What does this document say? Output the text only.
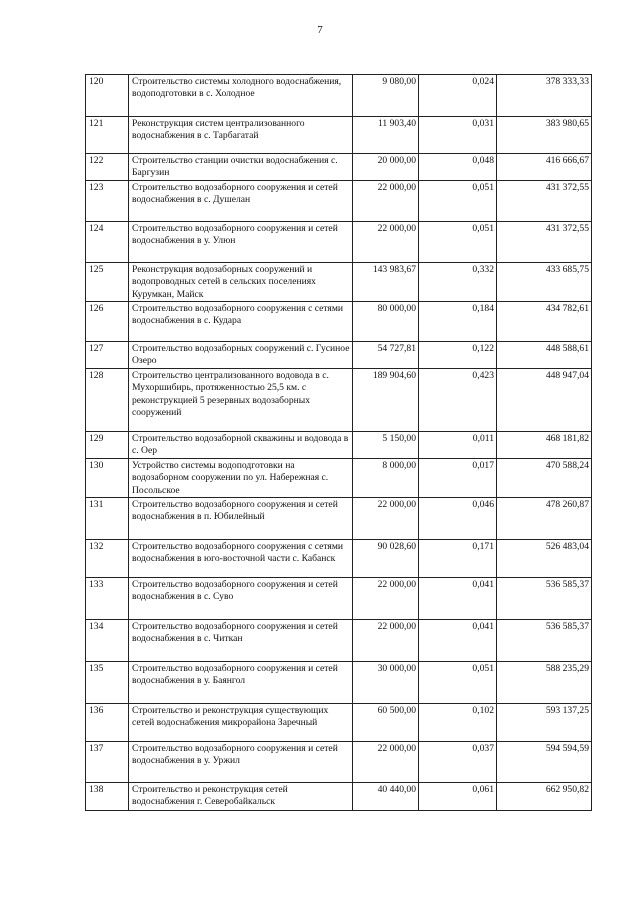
7
120	Строительство системы холодного водоснабжения, водоподготовки в с. Холодное	9 080,00	0,024	378 333,33
121	Реконструкция систем централизованного водоснабжения в с. Тарбагатай	11 903,40	0,031	383 980,65
122	Строительство станции очистки водоснабжения с. Баргузин	20 000,00	0,048	416 666,67
123	Строительство водозаборного сооружения и сетей водоснабжения в с. Душелан	22 000,00	0,051	431 372,55
124	Строительство водозаборного сооружения и сетей водоснабжения в у. Улюн	22 000,00	0,051	431 372,55
125	Реконструкция водозаборных сооружений и водопроводных сетей в сельских поселениях Курумкан, Майск	143 983,67	0,332	433 685,75
126	Строительство водозаборного сооружения с сетями водоснабжения в с. Кудара	80 000,00	0,184	434 782,61
127	Строительство водозаборных сооружений с. Гусиное Озеро	54 727,81	0,122	448 588,61
128	Строительство централизованного водовода в с. Мухоршибирь, протяженностью 25,5 км. с реконструкцией 5 резервных водозаборных сооружений	189 904,60	0,423	448 947,04
129	Строительство водозаборной скважины и водовода в с. Оер	5 150,00	0,011	468 181,82
130	Устройство системы водоподготовки на водозаборном сооружении по ул. Набережная с. Посольское	8 000,00	0,017	470 588,24
131	Строительство водозаборного сооружения и сетей водоснабжения в п. Юбилейный	22 000,00	0,046	478 260,87
132	Строительство водозаборного сооружения с сетями водоснабжения в юго-восточной части с. Кабанск	90 028,60	0,171	526 483,04
133	Строительство водозаборного сооружения и сетей водоснабжения в с. Суво	22 000,00	0,041	536 585,37
134	Строительство водозаборного сооружения и сетей водоснабжения в с. Читкан	22 000,00	0,041	536 585,37
135	Строительство водозаборного сооружения и сетей водоснабжения в у. Баянгол	30 000,00	0,051	588 235,29
136	Строительство и реконструкция существующих сетей водоснабжения микрорайона Заречный	60 500,00	0,102	593 137,25
137	Строительство водозаборного сооружения и сетей водоснабжения в у. Уржил	22 000,00	0,037	594 594,59
138	Строительство и реконструкция сетей водоснабжения г. Северобайкальск	40 440,00	0,061	662 950,82
